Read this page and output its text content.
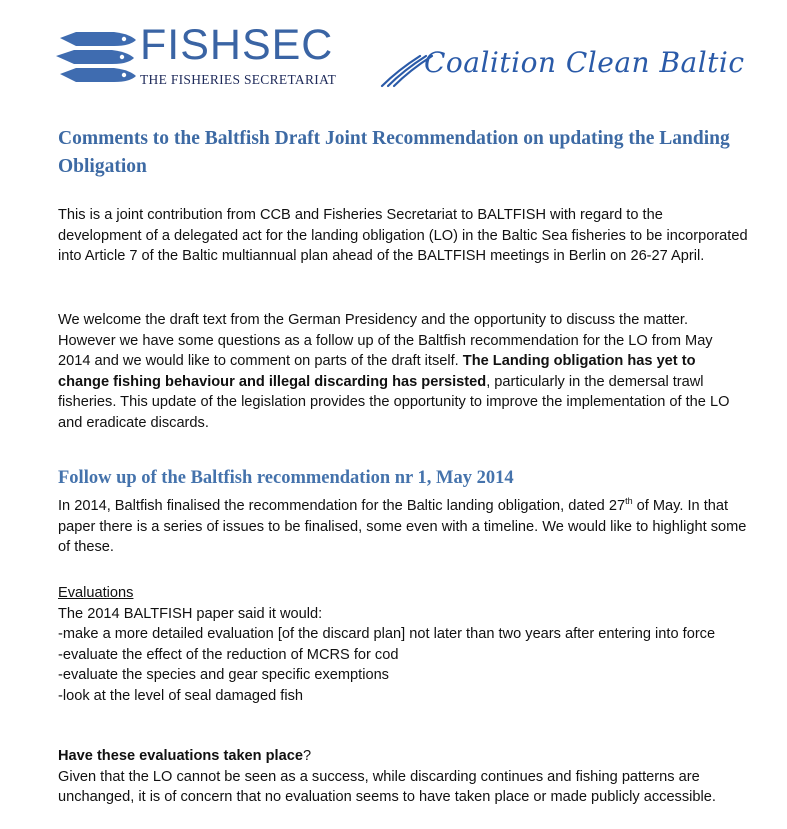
FISHSEC
THE FISHERIES SECRETARIAT
Coalition Clean Baltic
Comments to the Baltfish Draft Joint Recommendation on updating the Landing Obligation
This is a joint contribution from CCB and Fisheries Secretariat to BALTFISH with regard to the development of a delegated act for the landing obligation (LO) in the Baltic Sea fisheries to be incorporated into Article 7 of the Baltic multiannual plan ahead of the BALTFISH meetings in Berlin on 26-27 April.
We welcome the draft text from the German Presidency and the opportunity to discuss the matter. However we have some questions as a follow up of the Baltfish recommendation for the LO from May 2014 and we would like to comment on parts of the draft itself. The Landing obligation has yet to change fishing behaviour and illegal discarding has persisted, particularly in the demersal trawl fisheries. This update of the legislation provides the opportunity to improve the implementation of the LO and eradicate discards.
Follow up of the Baltfish recommendation nr 1, May 2014
In 2014, Baltfish finalised the recommendation for the Baltic landing obligation, dated 27th of May. In that paper there is a series of issues to be finalised, some even with a timeline. We would like to highlight some of these.
Evaluations
The 2014 BALTFISH paper said it would:
-make a more detailed evaluation [of the discard plan] not later than two years after entering into force
-evaluate the effect of the reduction of MCRS for cod
-evaluate the species and gear specific exemptions
-look at the level of seal damaged fish
Have these evaluations taken place?
Given that the LO cannot be seen as a success, while discarding continues and fishing patterns are unchanged, it is of concern that no evaluation seems to have taken place or made publicly accessible.
